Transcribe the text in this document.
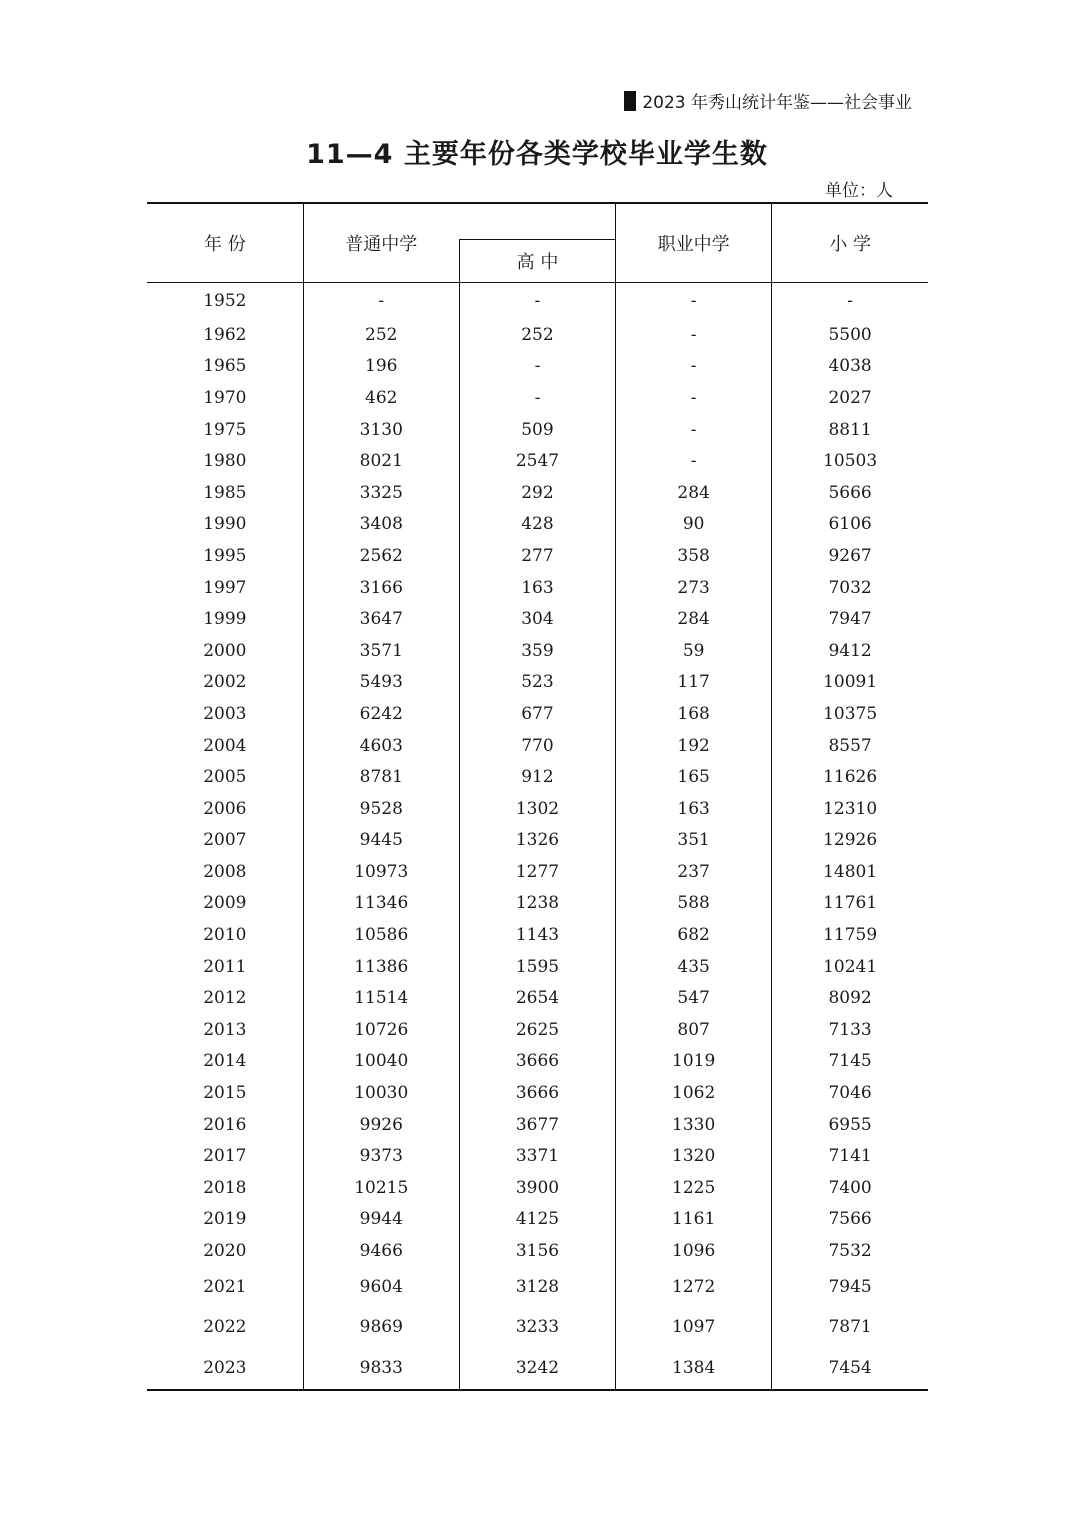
2023 年秀山统计年鉴——社会事业
11—4 主要年份各类学校毕业学生数
单位：人
年 份	普通中学		职业中学	小 学
		高 中		
1952	-	-	-	-
1962	252	252	-	5500
1965	196	-	-	4038
1970	462	-	-	2027
1975	3130	509	-	8811
1980	8021	2547	-	10503
1985	3325	292	284	5666
1990	3408	428	90	6106
1995	2562	277	358	9267
1997	3166	163	273	7032
1999	3647	304	284	7947
2000	3571	359	59	9412
2002	5493	523	117	10091
2003	6242	677	168	10375
2004	4603	770	192	8557
2005	8781	912	165	11626
2006	9528	1302	163	12310
2007	9445	1326	351	12926
2008	10973	1277	237	14801
2009	11346	1238	588	11761
2010	10586	1143	682	11759
2011	11386	1595	435	10241
2012	11514	2654	547	8092
2013	10726	2625	807	7133
2014	10040	3666	1019	7145
2015	10030	3666	1062	7046
2016	9926	3677	1330	6955
2017	9373	3371	1320	7141
2018	10215	3900	1225	7400
2019	9944	4125	1161	7566
2020	9466	3156	1096	7532
2021	9604	3128	1272	7945
2022	9869	3233	1097	7871
2023	9833	3242	1384	7454
